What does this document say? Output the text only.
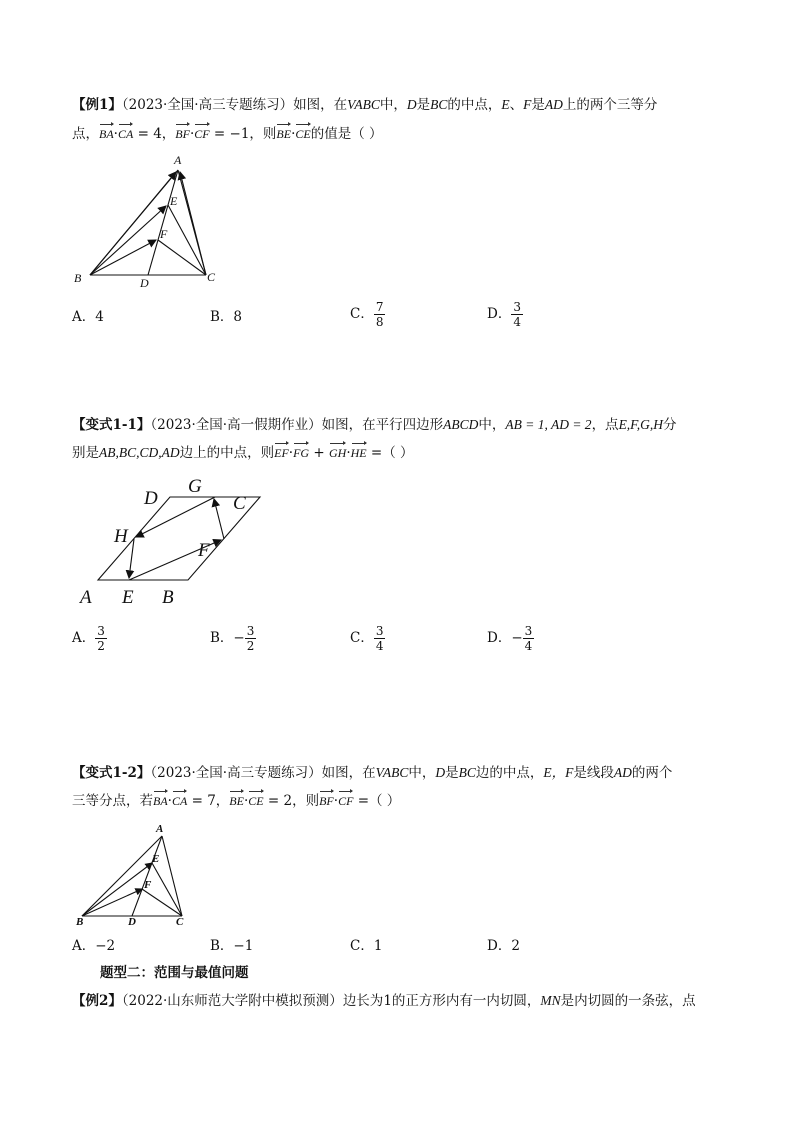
【例1】（2023·全国·高三专题练习）如图，在VABC中，D是BC的中点，E、F是AD上的两个三等分
点，BA·CA = 4，BF·CF = −1，则BE·CE的值是（ ）
A
E
F
B	D	C
A．4	B．8	C． $\frac{7}{8}$	D． $\frac{3}{4}$
【变式1-1】（2023·全国·高一假期作业）如图，在平行四边形ABCD中，AB = 1, AD = 2，点E,F,G,H分
别是AB,BC,CD,AD边上的中点，则EF·FG + GH·HE =（ ）
D
G
C
H
F
A E B
A． $\frac{3}{2}$	B．− $\frac{3}{2}$	C． $\frac{3}{4}$	D．− $\frac{3}{4}$
【变式1-2】（2023·全国·高三专题练习）如图，在VABC中，D是BC边的中点，E，F是线段AD的两个
三等分点，若BA·CA = 7，BE·CE = 2，则BF·CF =（ ）
A
E
F
B	D	C
A．−2	B．−1	C．1	D．2
题型二：范围与最值问题
【例2】（2022·山东师范大学附中模拟预测）边长为1的正方形内有一内切圆，MN是内切圆的一条弦，点
